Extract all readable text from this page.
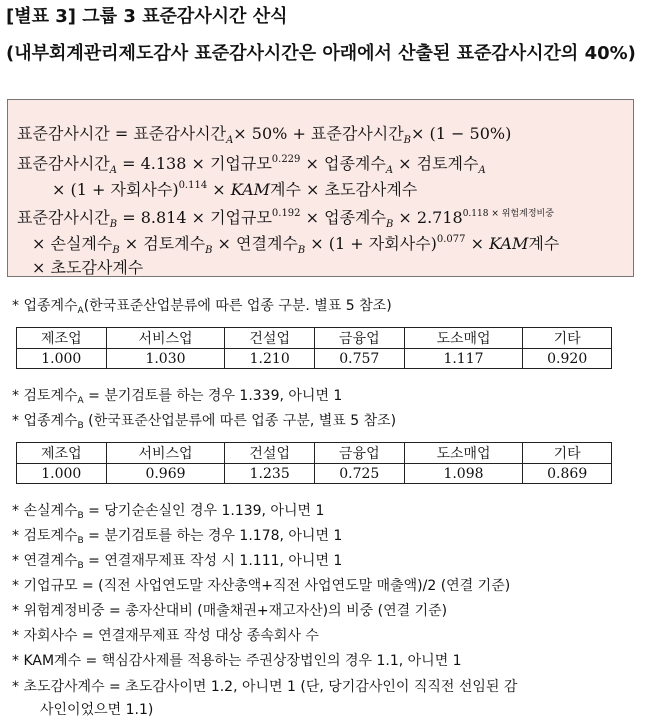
[별표 3] 그룹 3 표준감사시간 산식
(내부회계관리제도감사 표준감사시간은 아래에서 산출된 표준감사시간의 40%)
표준감사시간 = 표준감사시간$_A$× 50% + 표준감사시간$_B$× (1 − 50%)
표준감사시간$_A$ = 4.138 × 기업규모$^{0.229}$ × 업종계수$_A$ × 검토계수$_A$
× (1 + 자회사수)$^{0.114}$ × KAM계수 × 초도감사계수
표준감사시간$_B$ = 8.814 × 기업규모$^{0.192}$ × 업종계수$_B \times 2.718^{0.118 \times 위험계정비중}$
× 손실계수$_B$ × 검토계수$_B$ × 연결계수$_B$ × (1 + 자회사수)$^{0.077}$ × KAM계수
× 초도감사계수
* 업종계수$_A$(한국표준산업분류에 따른 업종 구분. 별표 5 참조)
제조업	서비스업	건설업	금융업	도소매업	기타
1.000	1.030	1.210	0.757	1.117	0.920
* 검토계수$_A$ = 분기검토를 하는 경우 1.339, 아니면 1
* 업종계수$_B$ (한국표준산업분류에 따른 업종 구분, 별표 5 참조)
제조업	서비스업	건설업	금융업	도소매업	기타
1.000	0.969	1.235	0.725	1.098	0.869
* 손실계수$_B$ = 당기순손실인 경우 1.139, 아니면 1
* 검토계수$_B$ = 분기검토를 하는 경우 1.178, 아니면 1
* 연결계수$_B$ = 연결재무제표 작성 시 1.111, 아니면 1
* 기업규모 = (직전 사업연도말 자산총액+직전 사업연도말 매출액)/2 (연결 기준)
* 위험계정비중 = 총자산대비 (매출채권+재고자산)의 비중 (연결 기준)
* 자회사수 = 연결재무제표 작성 대상 종속회사 수
* KAM계수 = 핵심감사제를 적용하는 주권상장법인의 경우 1.1, 아니면 1
* 초도감사계수 = 초도감사이면 1.2, 아니면 1 (단, 당기감사인이 직직전 선임된 감
사인이었으면 1.1)
